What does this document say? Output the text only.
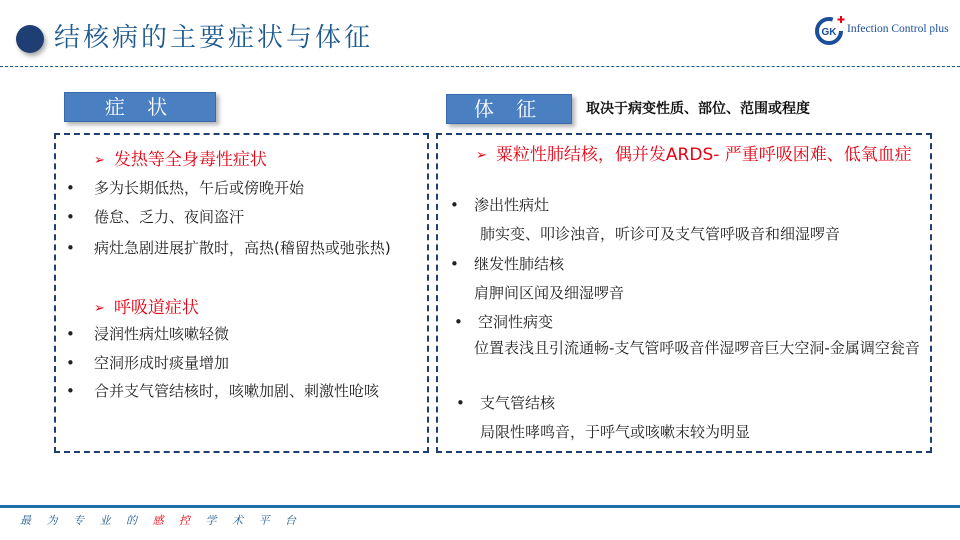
结核病的主要症状与体征	GK Infection Control plus
症 状	体 征	取决于病变性质、部位、范围或程度
➢ 发热等全身毒性症状
• 多为长期低热，午后或傍晚开始
• 倦怠、乏力、夜间盗汗
• 病灶急剧进展扩散时，高热(稽留热或弛张热)
➢ 呼吸道症状
• 浸润性病灶咳嗽轻微
• 空洞形成时痰量增加
• 合并支气管结核时，咳嗽加剧、刺激性呛咳
➢ 粟粒性肺结核，偶并发ARDS- 严重呼吸困难、低氧血症
• 渗出性病灶
肺实变、叩诊浊音，听诊可及支气管呼吸音和细湿啰音
• 继发性肺结核
肩胛间区闻及细湿啰音
• 空洞性病变
位置表浅且引流通畅-支气管呼吸音伴湿啰音巨大空洞-金属调空瓮音
• 支气管结核
局限性哮鸣音，于呼气或咳嗽末较为明显
最 为 专 业 的 感 控 学 术 平 台
